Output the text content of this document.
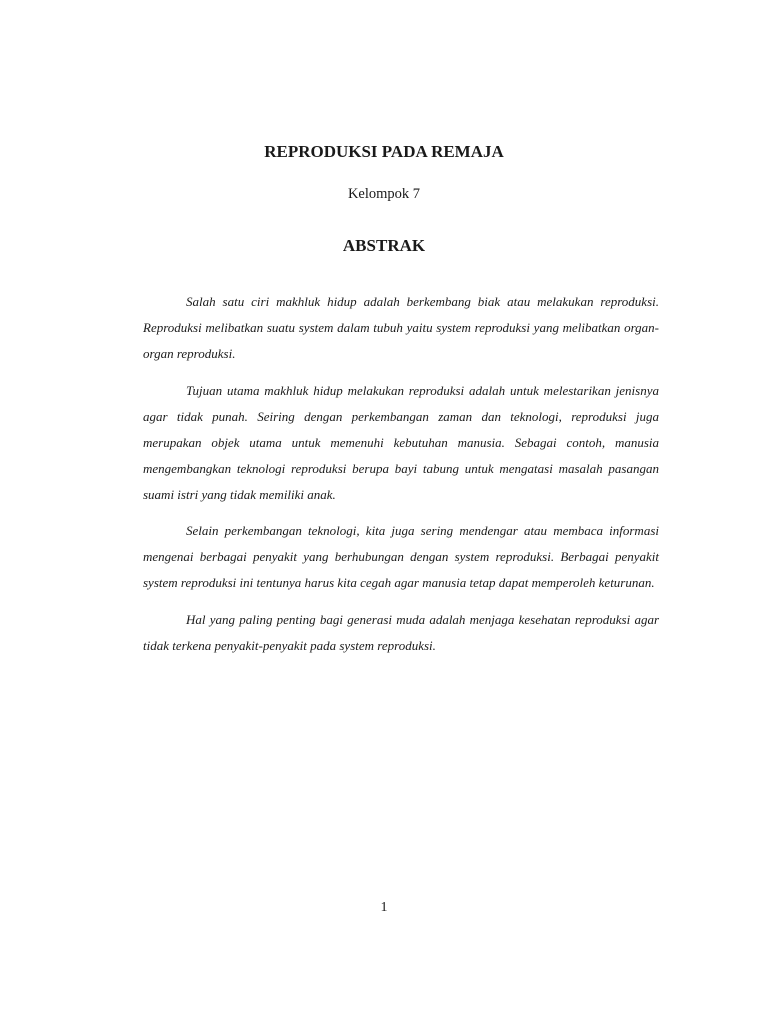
REPRODUKSI PADA REMAJA
Kelompok 7
ABSTRAK

Salah satu ciri makhluk hidup adalah berkembang biak atau melakukan reproduksi. Reproduksi melibatkan suatu system dalam tubuh yaitu system reproduksi yang melibatkan organ-organ reproduksi.

Tujuan utama makhluk hidup melakukan reproduksi adalah untuk melestarikan jenisnya agar tidak punah. Seiring dengan perkembangan zaman dan teknologi, reproduksi juga merupakan objek utama untuk memenuhi kebutuhan manusia. Sebagai contoh, manusia mengembangkan teknologi reproduksi berupa bayi tabung untuk mengatasi masalah pasangan suami istri yang tidak memiliki anak.

Selain perkembangan teknologi, kita juga sering mendengar atau membaca informasi mengenai berbagai penyakit yang berhubungan dengan system reproduksi. Berbagai penyakit system reproduksi ini tentunya harus kita cegah agar manusia tetap dapat memperoleh keturunan.

Hal yang paling penting bagi generasi muda adalah menjaga kesehatan reproduksi agar tidak terkena penyakit-penyakit pada system reproduksi.

1
